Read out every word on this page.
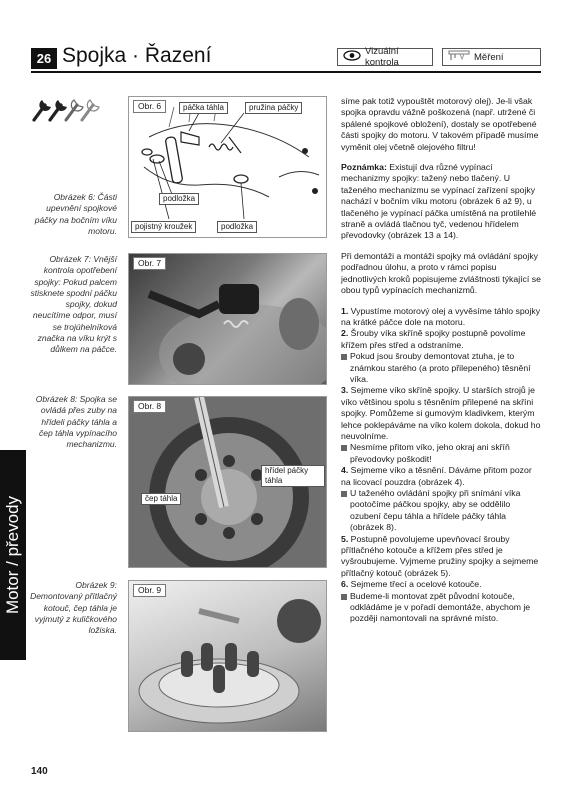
26 Spojka · Řazení	Vizuální kontrola	Měření
Motor / převody
Obrázek 6: Části upevnění spojkové páčky na bočním víku motoru.
Obrázek 7: Vnější kontrola opotřebení spojky: Pokud palcem stisknete spodní páčku spojky, dokud neucítíme odpor, musí se trojúhelníková značka na víku krýt s důlkem na páčce.
Obrázek 8: Spojka se ovládá přes zuby na hřídeli páčky táhla a čep táhla vypínacího mechanizmu.
Obrázek 9: Demontovaný přítlačný kotouč, čep táhla je vyjmutý z kuličkového ložiska.
Obr. 6	páčka táhla	pružina páčky
podložka
pojistný kroužek	podložka
Obr. 7
Obr. 8
hřídel páčky táhla
čep táhla
Obr. 9

síme pak totiž vypouštět motorový olej). Je-li však spojka opravdu vážně poškozená (např. utržené či spálené spojkové obložení), dostaly se opotřebené části spojky do motoru. V takovém případě musíme vyměnit olej včetně olejového filtru!

Poznámka: Existují dva různé vypínací mechanizmy spojky: tažený nebo tlačený. U taženého mechanizmu se vypínací zařízení spojky nachází v bočním víku motoru (obrázek 6 až 9), u tlačeného je vypínací páčka umístěná na protilehlé straně a ovládá tlačnou tyč, vedenou hřídelem převodovky (obrázek 13 a 14).

Při demontáži a montáži spojky má ovládání spojky podřadnou úlohu, a proto v rámci popisu jednotlivých kroků popisujeme zvláštnosti týkající se obou typů vypínacích mechanizmů.

1. Vypustíme motorový olej a vyvěsíme táhlo spojky na krátké páčce dole na motoru.

2. Šrouby víka skříně spojky postupně povolíme křížem přes střed a odstraníme.

Pokud jsou šrouby demontovat ztuha, je to známkou starého (a proto přilepeného) těsnění víka.

3. Sejmeme víko skříně spojky. U starších strojů je víko většinou spolu s těsněním přilepené na skříni spojky. Pomůžeme si gumovým kladivkem, kterým lehce poklepáváme na víko kolem dokola, dokud ho neuvolníme.

Nesmíme přitom víko, jeho okraj ani skříň převodovky poškodit!

4. Sejmeme víko a těsnění. Dáváme přitom pozor na licovací pouzdra (obrázek 4).

U taženého ovládání spojky při snímání víka pootočíme páčkou spojky, aby se oddělilo ozubení čepu táhla a hřídele páčky táhla (obrázek 8).

5. Postupně povolujeme upevňovací šrouby přítlačného kotouče a křížem přes střed je vyšroubujeme. Vyjmeme pružiny spojky a sejmeme přítlačný kotouč (obrázek 5).

6. Sejmeme třecí a ocelové kotouče.

Budeme-li montovat zpět původní kotouče, odkládáme je v pořadí demontáže, abychom je později namontovali na správné místo.

140
